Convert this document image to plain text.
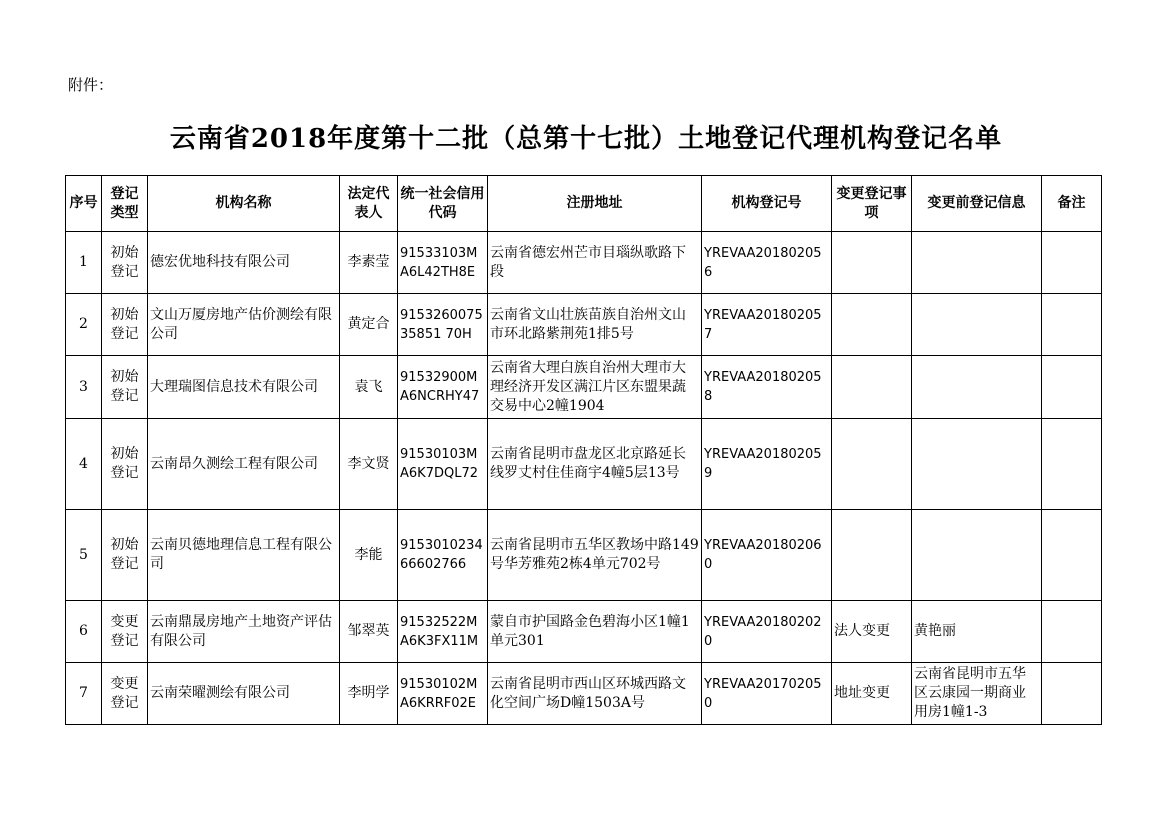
附件：
云南省2018年度第十二批（总第十七批）土地登记代理机构登记名单
序号	登记类型	机构名称	法定代表人	统一社会信用代码	注册地址	机构登记号	变更登记事项	变更前登记信息	备注
1	初始登记	德宏优地科技有限公司	李素莹	91533103MA6L42TH8E	云南省德宏州芒市目瑙纵歌路下段	YREVAA201802056			
2	初始登记	文山万厦房地产估价测绘有限公司	黄定合	915326007535851 70H	云南省文山壮族苗族自治州文山市环北路紫荆苑1排5号	YREVAA201802057			
3	初始登记	大理瑞图信息技术有限公司	袁飞	91532900MA6NCRHY47	云南省大理白族自治州大理市大理经济开发区满江片区东盟果蔬交易中心2幢1904	YREVAA201802058			
4	初始登记	云南昂久测绘工程有限公司	李文贤	91530103MA6K7DQL72	云南省昆明市盘龙区北京路延长线罗丈村住佳商宇4幢5层13号	YREVAA201802059			
5	初始登记	云南贝德地理信息工程有限公司	李能	915301023466602766	云南省昆明市五华区教场中路149号华芳雅苑2栋4单元702号	YREVAA201802060			
6	变更登记	云南鼎晟房地产土地资产评估有限公司	邹翠英	91532522MA6K3FX11M	蒙自市护国路金色碧海小区1幢1单元301	YREVAA201802020	法人变更	黄艳丽	
7	变更登记	云南荣曜测绘有限公司	李明学	91530102MA6KRRF02E	云南省昆明市西山区环城西路文化空间广场D幢1503A号	YREVAA201702050	地址变更	云南省昆明市五华区云康园一期商业用房1幢1-3	
